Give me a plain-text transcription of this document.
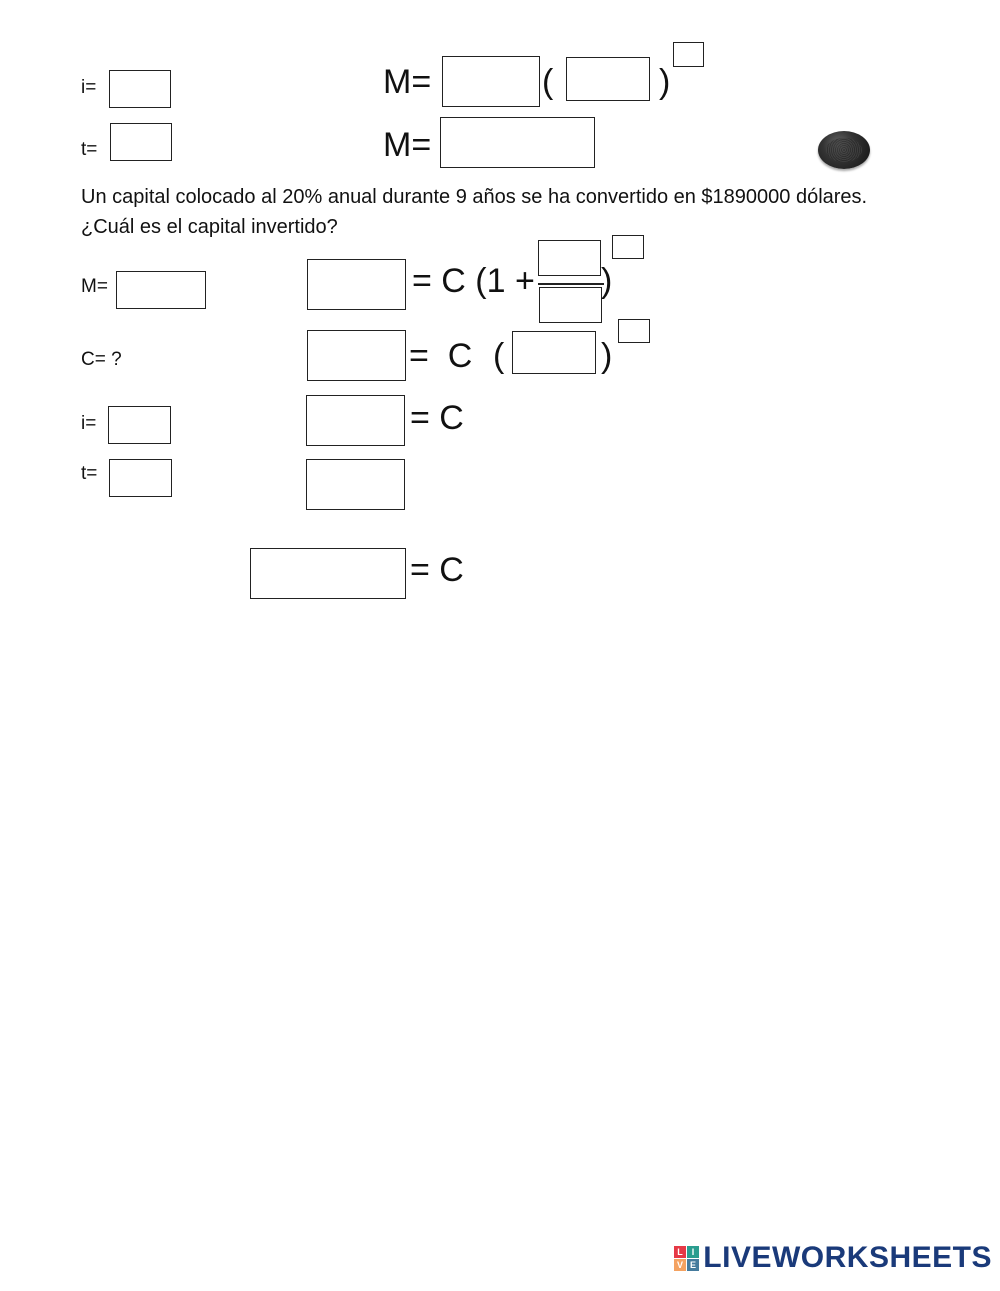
i=
t=
M=	(	)
M=
Un capital colocado al 20% anual durante 9 años se ha convertido en $1890000 dólares.
¿Cuál es el capital invertido?
M=
C= ?
i=
t=
= C (1 + )
=  C (	)
= C
= C
L I
V E LIVEWORKSHEETS
